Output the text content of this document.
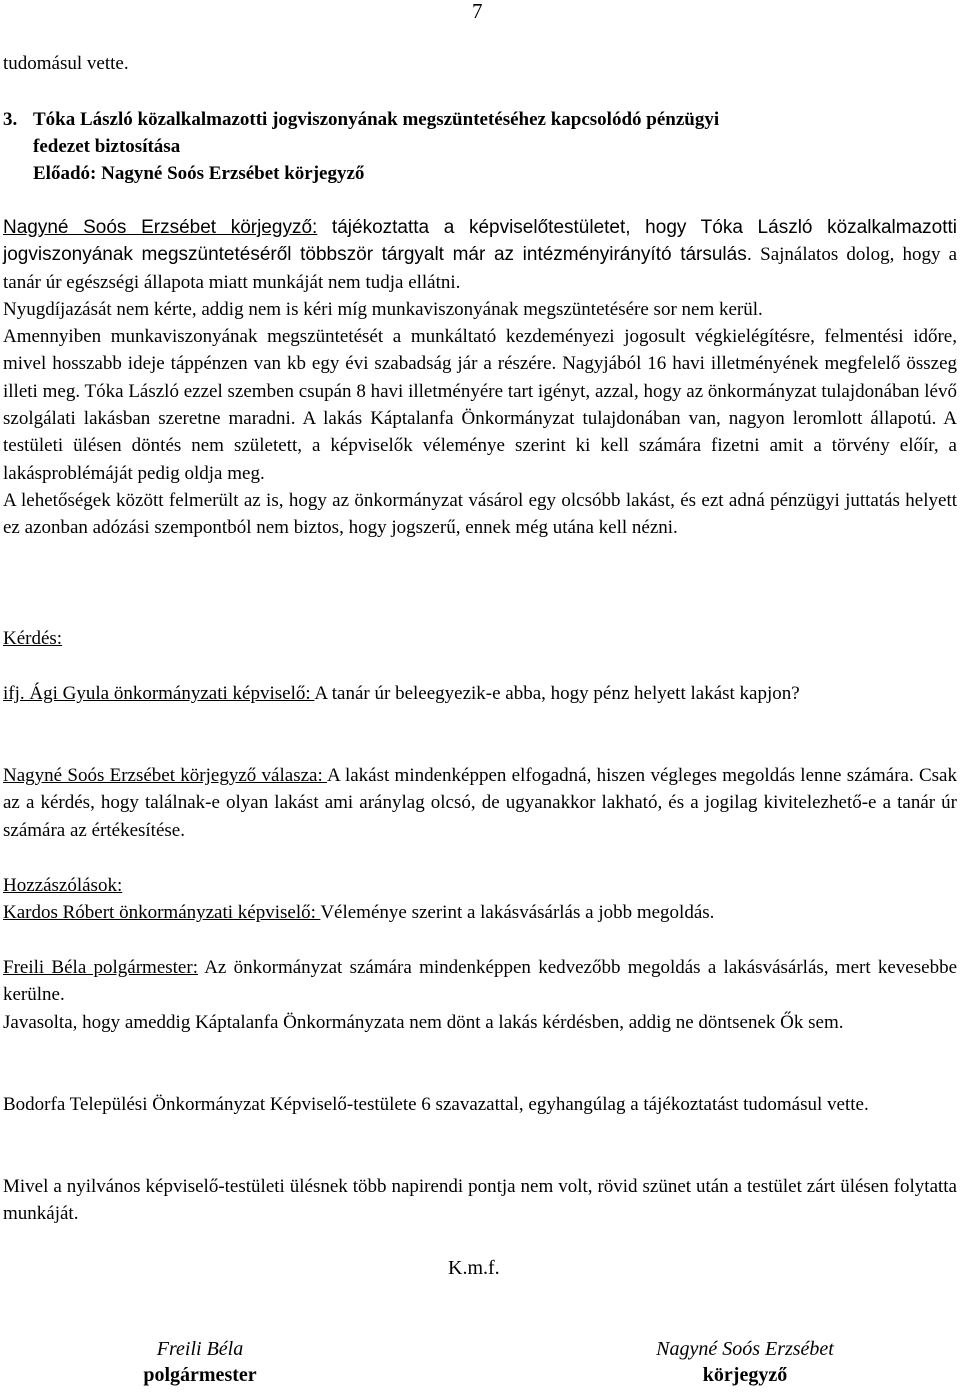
7
tudomásul vette.
3. Tóka László közalkalmazotti jogviszonyának megszüntetéséhez kapcsolódó pénzügyi
fedezet biztosítása
Előadó: Nagyné Soós Erzsébet körjegyző

Nagyné Soós Erzsébet körjegyző: tájékoztatta a képviselőtestületet, hogy Tóka László közalkalmazotti jogviszonyának megszüntetéséről többször tárgyalt már az intézményirányító társulás. Sajnálatos dolog, hogy a tanár úr egészségi állapota miatt munkáját nem tudja ellátni.

Nyugdíjazását nem kérte, addig nem is kéri míg munkaviszonyának megszüntetésére sor nem kerül.

Amennyiben munkaviszonyának megszüntetését a munkáltató kezdeményezi jogosult végkielégítésre, felmentési időre, mivel hosszabb ideje táppénzen van kb egy évi szabadság jár a részére. Nagyjából 16 havi illetményének megfelelő összeg illeti meg. Tóka László ezzel szemben csupán 8 havi illetményére tart igényt, azzal, hogy az önkormányzat tulajdonában lévő szolgálati lakásban szeretne maradni. A lakás Káptalanfa Önkormányzat tulajdonában van, nagyon leromlott állapotú. A testületi ülésen döntés nem született, a képviselők véleménye szerint ki kell számára fizetni amit a törvény előír, a lakásproblémáját pedig oldja meg.

A lehetőségek között felmerült az is, hogy az önkormányzat vásárol egy olcsóbb lakást, és ezt adná pénzügyi juttatás helyett ez azonban adózási szempontból nem biztos, hogy jogszerű, ennek még utána kell nézni.

Kérdés:

ifj. Ági Gyula önkormányzati képviselő: A tanár úr beleegyezik-e abba, hogy pénz helyett lakást kapjon?

Nagyné Soós Erzsébet körjegyző válasza: A lakást mindenképpen elfogadná, hiszen végleges megoldás lenne számára. Csak az a kérdés, hogy találnak-e olyan lakást ami aránylag olcsó, de ugyanakkor lakható, és a jogilag kivitelezhető-e a tanár úr számára az értékesítése.

Hozzászólások:
Kardos Róbert önkormányzati képviselő: Véleménye szerint a lakásvásárlás a jobb megoldás.

Freili Béla polgármester: Az önkormányzat számára mindenképpen kedvezőbb megoldás a lakásvásárlás, mert kevesebbe kerülne.

Javasolta, hogy ameddig Káptalanfa Önkormányzata nem dönt a lakás kérdésben, addig ne döntsenek Ők sem.

Bodorfa Települési Önkormányzat Képviselő-testülete 6 szavazattal, egyhangúlag a tájékoztatást tudomásul vette.

Mivel a nyilvános képviselő-testületi ülésnek több napirendi pontja nem volt, rövid szünet után a testület zárt ülésen folytatta munkáját.

K.m.f.
Freili Béla
polgármester
Nagyné Soós Erzsébet
körjegyző
